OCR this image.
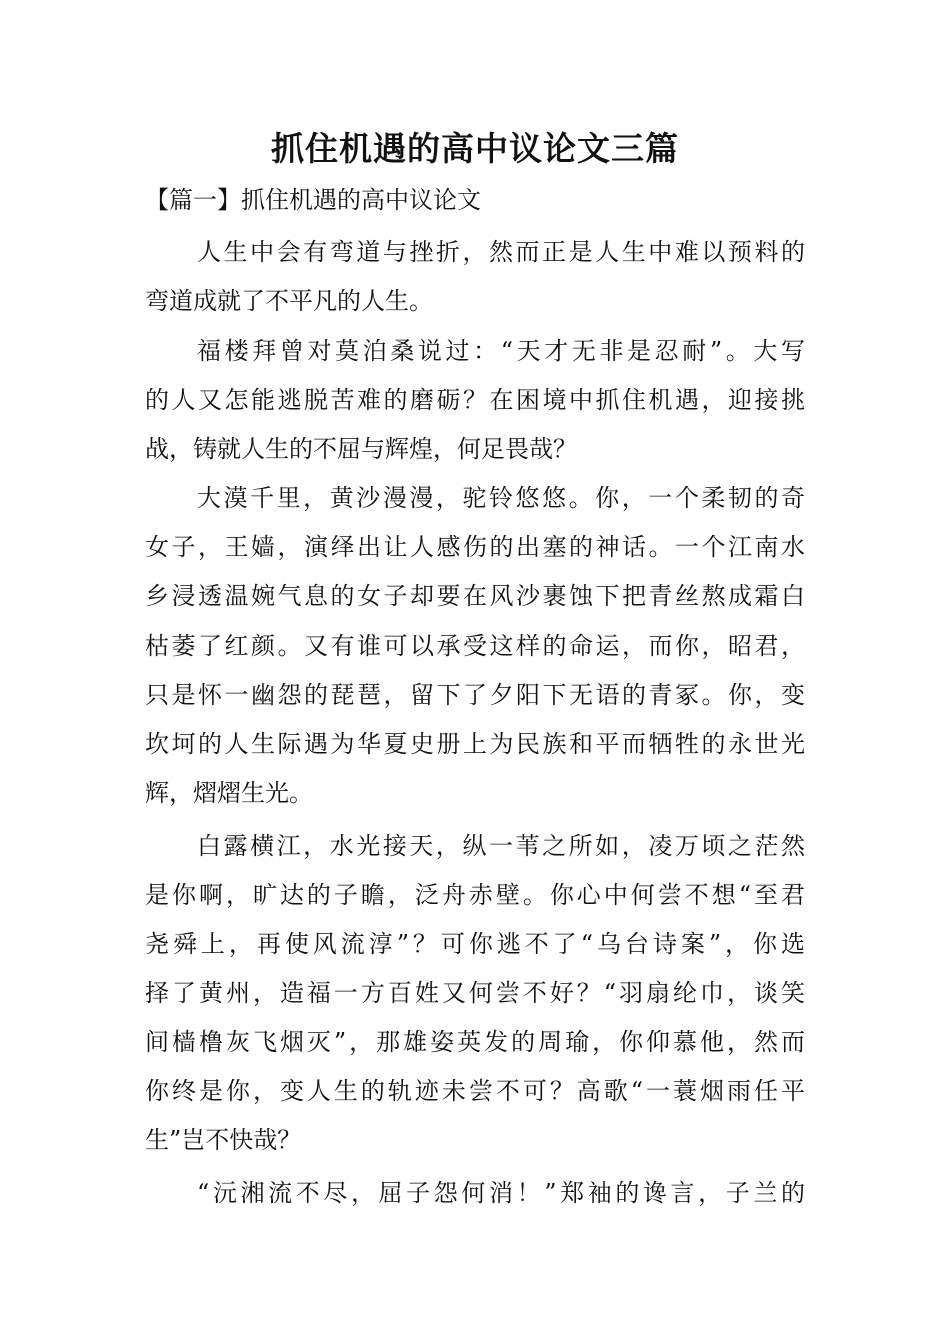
抓住机遇的高中议论文三篇

【篇一】抓住机遇的高中议论文

人生中会有弯道与挫折，然而正是人生中难以预料的

弯道成就了不平凡的人生。

福楼拜曾对莫泊桑说过：“天才无非是忍耐”。大写

的人又怎能逃脱苦难的磨砺？在困境中抓住机遇，迎接挑

战，铸就人生的不屈与辉煌，何足畏哉？

大漠千里，黄沙漫漫，驼铃悠悠。你，一个柔韧的奇

女子，王嫱，演绎出让人感伤的出塞的神话。一个江南水

乡浸透温婉气息的女子却要在风沙裹蚀下把青丝熬成霜白

枯萎了红颜。又有谁可以承受这样的命运，而你，昭君，

只是怀一幽怨的琵琶，留下了夕阳下无语的青冢。你，变

坎坷的人生际遇为华夏史册上为民族和平而牺牲的永世光

辉，熠熠生光。

白露横江，水光接天，纵一苇之所如，凌万顷之茫然

是你啊，旷达的子瞻，泛舟赤壁。你心中何尝不想“至君

尧舜上，再使风流淳”？可你逃不了“乌台诗案”，你选

择了黄州，造福一方百姓又何尝不好？“羽扇纶巾，谈笑

间樯橹灰飞烟灭”，那雄姿英发的周瑜，你仰慕他，然而

你终是你，变人生的轨迹未尝不可？高歌“一蓑烟雨任平

生”岂不快哉？

“沅湘流不尽，屈子怨何消！”郑袖的谗言，子兰的
